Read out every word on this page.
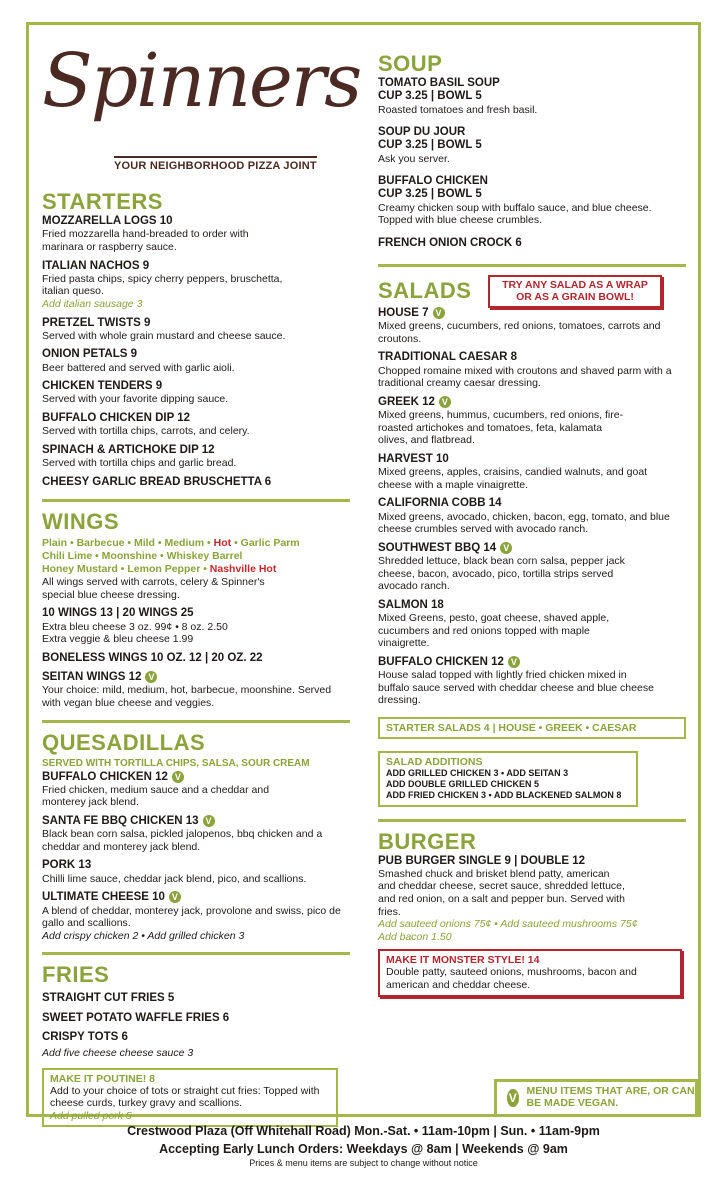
Spinners
YOUR NEIGHBORHOOD PIZZA JOINT
STARTERS
MOZZARELLA LOGS 10
Fried mozzarella hand-breaded to order with marinara or raspberry sauce.
ITALIAN NACHOS 9
Fried pasta chips, spicy cherry peppers, bruschetta, italian queso.
Add italian sausage 3
PRETZEL TWISTS 9
Served with whole grain mustard and cheese sauce.
ONION PETALS 9
Beer battered and served with garlic aioli.
CHICKEN TENDERS 9
Served with your favorite dipping sauce.
BUFFALO CHICKEN DIP 12
Served with tortilla chips, carrots, and celery.
SPINACH & ARTICHOKE DIP 12
Served with tortilla chips and garlic bread.
CHEESY GARLIC BREAD BRUSCHETTA 6
WINGS
Plain • Barbecue • Mild • Medium • Hot • Garlic Parm
Chili Lime • Moonshine • Whiskey Barrel
Honey Mustard • Lemon Pepper • Nashville Hot
All wings served with carrots, celery & Spinner's special blue cheese dressing.
10 WINGS 13 | 20 WINGS 25
Extra bleu cheese 3 oz. 99¢ • 8 oz. 2.50
Extra veggie & bleu cheese 1.99
BONELESS WINGS 10 OZ. 12 | 20 OZ. 22
SEITAN WINGS 12 V
Your choice: mild, medium, hot, barbecue, moonshine. Served with vegan blue cheese and veggies.
QUESADILLAS
SERVED WITH TORTILLA CHIPS, SALSA, SOUR CREAM
BUFFALO CHICKEN 12 V
Fried chicken, medium sauce and a cheddar and monterey jack blend.
SANTA FE BBQ CHICKEN 13 V
Black bean corn salsa, pickled jalopenos, bbq chicken and a cheddar and monterey jack blend.
PORK 13
Chilli lime sauce, cheddar jack blend, pico, and scallions.
ULTIMATE CHEESE 10 V
A blend of cheddar, monterey jack, provolone and swiss, pico de gallo and scallions.
Add crispy chicken 2 • Add grilled chicken 3
FRIES
STRAIGHT CUT FRIES 5
SWEET POTATO WAFFLE FRIES 6
CRISPY TOTS 6
Add five cheese cheese sauce 3
MAKE IT POUTINE! 8
Add to your choice of tots or straight cut fries: Topped with cheese curds, turkey gravy and scallions.
Add pulled pork 5
SOUP
TOMATO BASIL SOUP
CUP 3.25 | BOWL 5
Roasted tomatoes and fresh basil.
SOUP DU JOUR
CUP 3.25 | BOWL 5
Ask you server.
BUFFALO CHICKEN
CUP 3.25 | BOWL 5
Creamy chicken soup with buffalo sauce, and blue cheese. Topped with blue cheese crumbles.
FRENCH ONION CROCK 6
SALADS	TRY ANY SALAD AS A WRAP OR AS A GRAIN BOWL!
HOUSE 7 V
Mixed greens, cucumbers, red onions, tomatoes, carrots and croutons.
TRADITIONAL CAESAR 8
Chopped romaine mixed with croutons and shaved parm with a traditional creamy caesar dressing.
GREEK 12 V
Mixed greens, hummus, cucumbers, red onions, fire-roasted artichokes and tomatoes, feta, kalamata olives, and flatbread.
HARVEST 10
Mixed greens, apples, craisins, candied walnuts, and goat cheese with a maple vinaigrette.
CALIFORNIA COBB 14
Mixed greens, avocado, chicken, bacon, egg, tomato, and blue cheese crumbles served with avocado ranch.
SOUTHWEST BBQ 14 V
Shredded lettuce, black bean corn salsa, pepper jack cheese, bacon, avocado, pico, tortilla strips served avocado ranch.
SALMON 18
Mixed Greens, pesto, goat cheese, shaved apple, cucumbers and red onions topped with maple vinaigrette.
BUFFALO CHICKEN 12 V
House salad topped with lightly fried chicken mixed in buffalo sauce served with cheddar cheese and blue cheese dressing.
STARTER SALADS 4 | HOUSE • GREEK • CAESAR
SALAD ADDITIONS
ADD GRILLED CHICKEN 3 • ADD SEITAN 3
ADD DOUBLE GRILLED CHICKEN 5
ADD FRIED CHICKEN 3 • ADD BLACKENED SALMON 8
BURGER
PUB BURGER SINGLE 9 | DOUBLE 12
Smashed chuck and brisket blend patty, american and cheddar cheese, secret sauce, shredded lettuce, and red onion, on a salt and pepper bun. Served with fries.
Add sauteed onions 75¢ • Add sauteed mushrooms 75¢
Add bacon 1.50
MAKE IT MONSTER STYLE! 14
Double patty, sauteed onions, mushrooms, bacon and american and cheddar cheese.
V MENU ITEMS THAT ARE, OR CAN BE MADE VEGAN.
Crestwood Plaza (Off Whitehall Road) Mon.-Sat. • 11am-10pm | Sun. • 11am-9pm
Accepting Early Lunch Orders: Weekdays @ 8am | Weekends @ 9am
Prices & menu items are subject to change without notice
